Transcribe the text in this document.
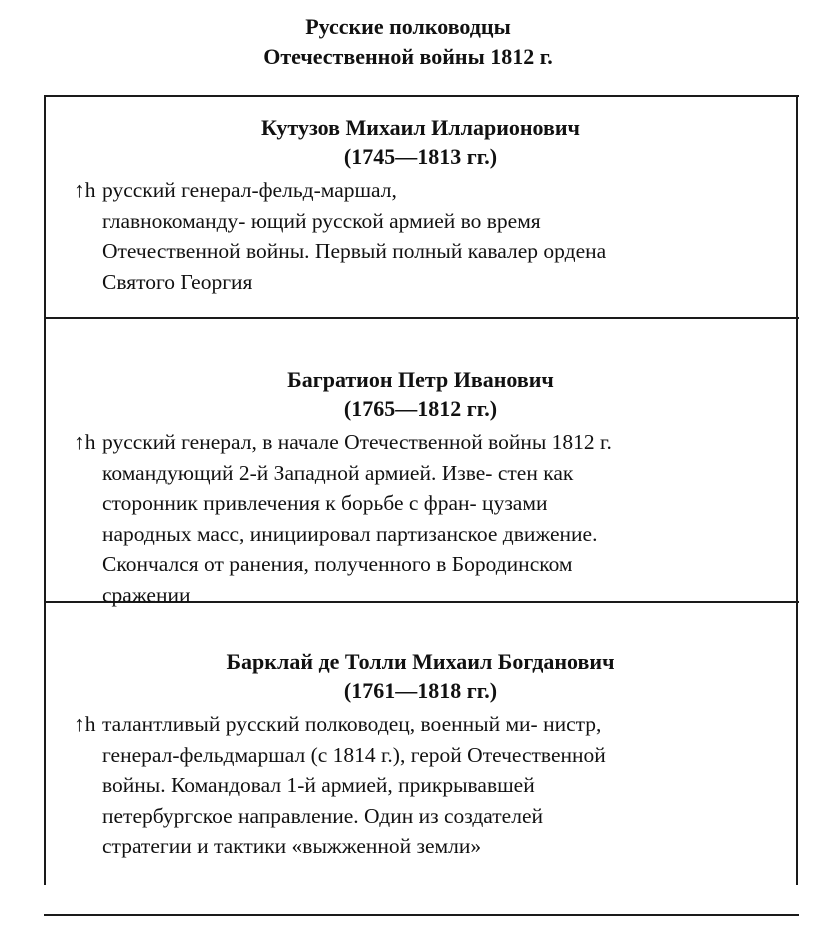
Русские полководцы
Отечественной войны 1812 г.
Кутузов Михаил Илларионович
(1745—1813 гг.)
↑h русский генерал-фельд-маршал,
главнокоманду- ющий русской армией во время
Отечественной войны. Первый полный кавалер ордена
Святого Георгия
Багратион Петр Иванович
(1765—1812 гг.)
↑h русский генерал, в начале Отечественной войны 1812 г.
командующий 2-й Западной армией. Изве- стен как
сторонник привлечения к борьбе с фран- цузами
народных масс, инициировал партизанское движение.
Скончался от ранения, полученного в Бородинском
сражении
Барклай де Толли Михаил Богданович
(1761—1818 гг.)
↑h талантливый русский полководец, военный ми- нистр,
генерал-фельдмаршал (с 1814 г.), герой Отечественной
войны. Командовал 1-й армией, прикрывавшей
петербургское направление. Один из создателей
стратегии и тактики «выжженной земли»
